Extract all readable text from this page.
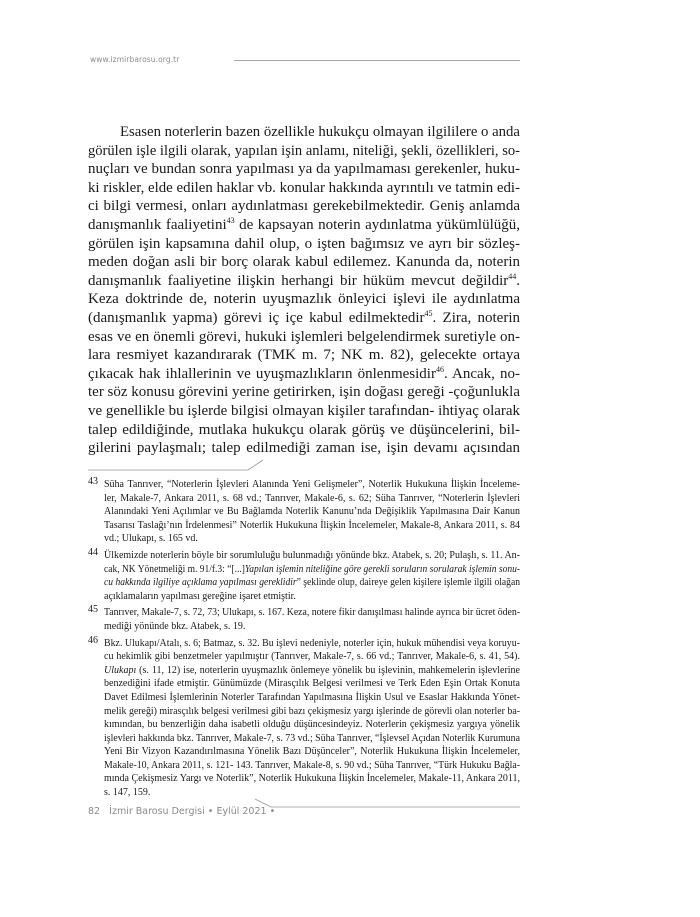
www.izmirbarosu.org.tr
Esasen noterlerin bazen özellikle hukukçu olmayan ilgililere o anda
görülen işle ilgili olarak, yapılan işin anlamı, niteliği, şekli, özellikleri, so-
nuçları ve bundan sonra yapılması ya da yapılmaması gerekenler, huku-
ki riskler, elde edilen haklar vb. konular hakkında ayrıntılı ve tatmin edi-
ci bilgi vermesi, onları aydınlatması gerekebilmektedir. Geniş anlamda
danışmanlık faaliyetini$^{43}$ de kapsayan noterin aydınlatma yükümlülüğü,
görülen işin kapsamına dahil olup, o işten bağımsız ve ayrı bir sözleş-
meden doğan asli bir borç olarak kabul edilemez. Kanunda da, noterin
danışmanlık faaliyetine ilişkin herhangi bir hüküm mevcut değildir$^{44}$.
Keza doktrinde de, noterin uyuşmazlık önleyici işlevi ile aydınlatma
(danışmanlık yapma) görevi iç içe kabul edilmektedir$^{45}$. Zira, noterin
esas ve en önemli görevi, hukuki işlemleri belgelendirmek suretiyle on-
lara resmiyet kazandırarak (TMK m. 7; NK m. 82), gelecekte ortaya
çıkacak hak ihlallerinin ve uyuşmazlıkların önlenmesidir$^{46}$. Ancak, no-
ter söz konusu görevini yerine getirirken, işin doğası gereği -çoğunlukla
ve genellikle bu işlerde bilgisi olmayan kişiler tarafından- ihtiyaç olarak
talep edildiğinde, mutlaka hukukçu olarak görüş ve düşüncelerini, bil-
gilerini paylaşmalı; talep edilmediği zaman ise, işin devamı açısından
43 Süha Tanrıver, “Noterlerin İşlevleri Alanında Yeni Gelişmeler”, Noterlik Hukukuna İlişkin İnceleme-
ler, Makale-7, Ankara 2011, s. 68 vd.; Tanrıver, Makale-6, s. 62; Süha Tanrıver, “Noterlerin İşlevleri
Alanındaki Yeni Açılımlar ve Bu Bağlamda Noterlik Kanunu’nda Değişiklik Yapılmasına Dair Kanun
Tasarısı Taslağı’nın İrdelenmesi” Noterlik Hukukuna İlişkin İncelemeler, Makale-8, Ankara 2011, s. 84
vd.; Ulukapı, s. 165 vd.
44 Ülkemizde noterlerin böyle bir sorumluluğu bulunmadığı yönünde bkz. Atabek, s. 20; Pulaşlı, s. 11. An-
cak, NK Yönetmeliği m. 91/f.3: “[...]Yapılan işlemin niteliğine göre gerekli soruların sorularak işlemin sonu-
cu hakkında ilgiliye açıklama yapılması gereklidir” şeklinde olup, daireye gelen kişilere işlemle ilgili olağan
açıklamaların yapılması gereğine işaret etmiştir.
45 Tanrıver, Makale-7, s. 72, 73; Ulukapı, s. 167. Keza, notere fikir danışılması halinde ayrıca bir ücret öden-
mediği yönünde bkz. Atabek, s. 19.
46 Bkz. Ulukapı/Atalı, s. 6; Batmaz, s. 32. Bu işlevi nedeniyle, noterler için, hukuk mühendisi veya koruyu-
cu hekimlik gibi benzetmeler yapılmıştır (Tanrıver, Makale-7, s. 66 vd.; Tanrıver, Makale-6, s. 41, 54).
Ulukapı (s. 11, 12) ise, noterlerin uyuşmazlık önlemeye yönelik bu işlevinin, mahkemelerin işlevlerine
benzediğini ifade etmiştir. Günümüzde (Mirasçılık Belgesi verilmesi ve Terk Eden Eşin Ortak Konuta
Davet Edilmesi İşlemlerinin Noterler Tarafından Yapılmasına İlişkin Usul ve Esaslar Hakkında Yönet-
melik gereği) mirasçılık belgesi verilmesi gibi bazı çekişmesiz yargı işlerinde de görevli olan noterler ba-
kımından, bu benzerliğin daha isabetli olduğu düşüncesindeyiz. Noterlerin çekişmesiz yargıya yönelik
işlevleri hakkında bkz. Tanrıver, Makale-7, s. 73 vd.; Süha Tanrıver, “İşlevsel Açıdan Noterlik Kurumuna
Yeni Bir Vizyon Kazandırılmasına Yönelik Bazı Düşünceler”, Noterlik Hukukuna İlişkin İncelemeler,
Makale-10, Ankara 2011, s. 121- 143. Tanrıver, Makale-8, s. 90 vd.; Süha Tanrıver, “Türk Hukuku Bağla-
mında Çekişmesiz Yargı ve Noterlik”, Noterlik Hukukuna İlişkin İncelemeler, Makale-11, Ankara 2011,
s. 147, 159.
82 İzmir Barosu Dergisi • Eylül 2021 •
